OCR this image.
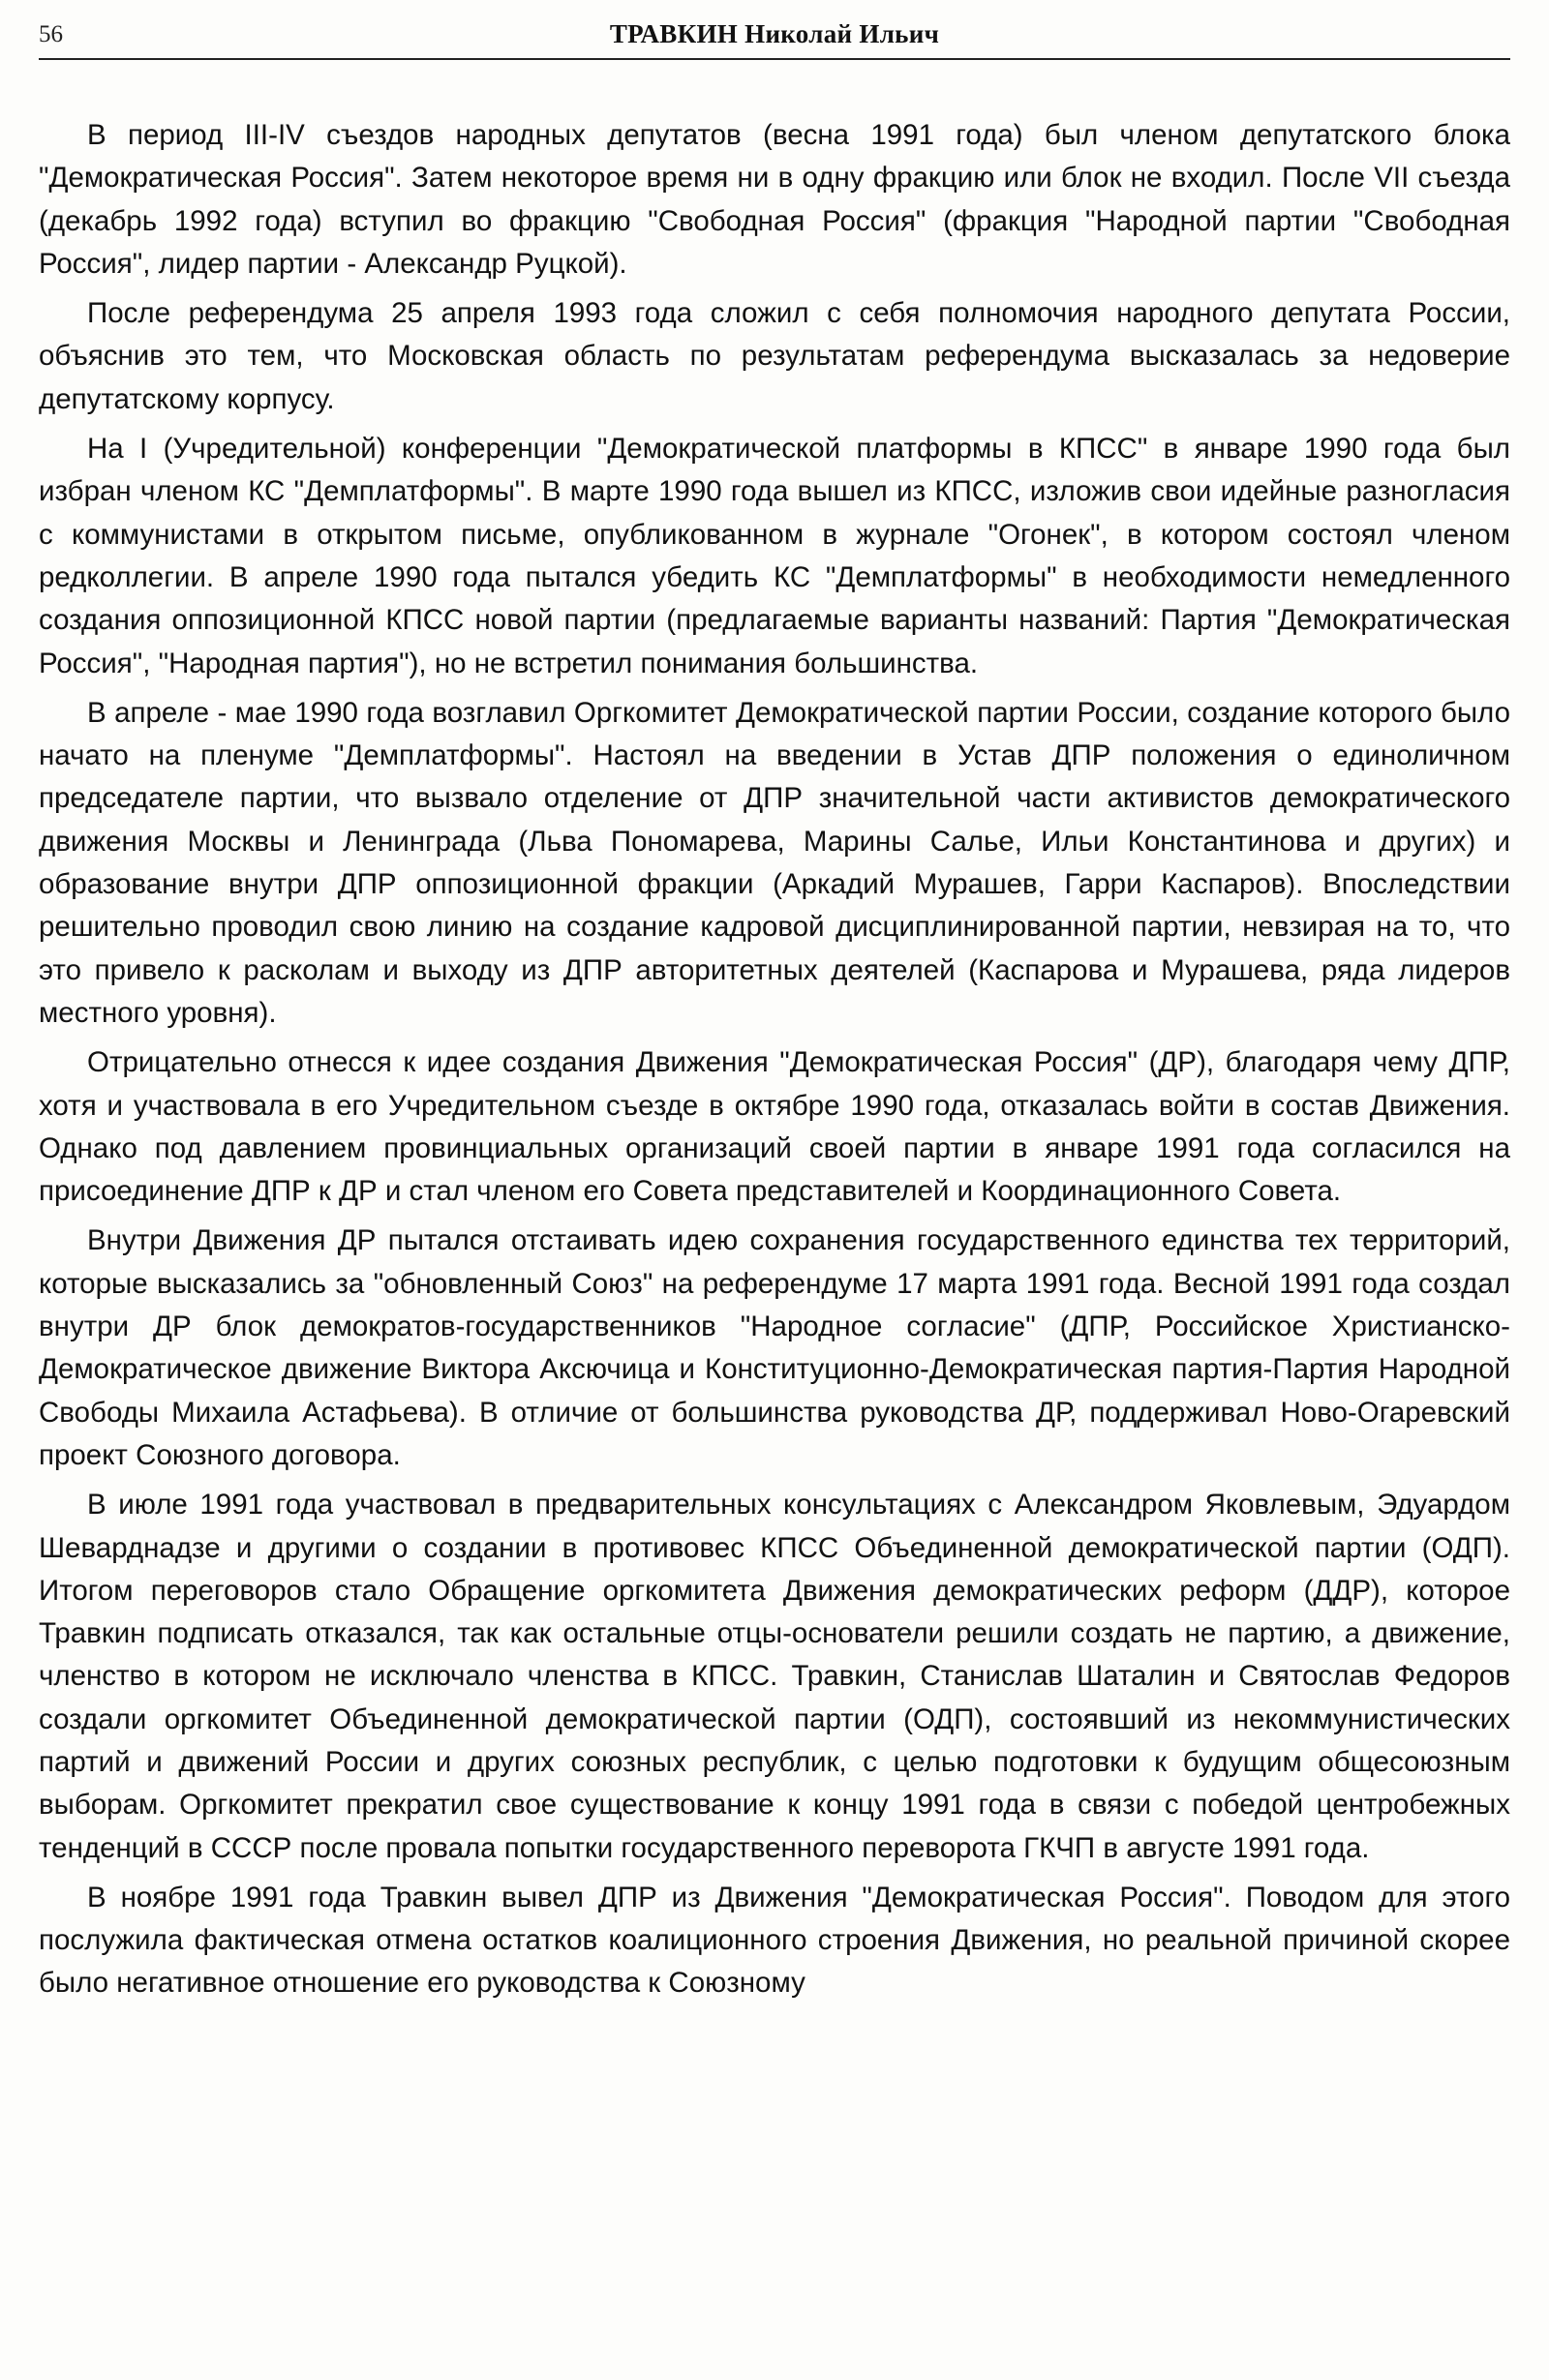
56	ТРАВКИН Николай Ильич

В период III-IV съездов народных депутатов (весна 1991 года) был членом депутатского блока "Демократическая Россия". Затем некоторое время ни в одну фракцию или блок не входил. После VII съезда (декабрь 1992 года) вступил во фракцию "Свободная Россия" (фракция "Народной партии "Свободная Россия", лидер партии - Александр Руцкой).

После референдума 25 апреля 1993 года сложил с себя полномочия народного депутата России, объяснив это тем, что Московская область по результатам референдума высказалась за недоверие депутатскому корпусу.

На I (Учредительной) конференции "Демократической платформы в КПСС" в январе 1990 года был избран членом КС "Демплатформы". В марте 1990 года вышел из КПСС, изложив свои идейные разногласия с коммунистами в открытом письме, опубликованном в журнале "Огонек", в котором состоял членом редколлегии. В апреле 1990 года пытался убедить КС "Демплатформы" в необходимости немедленного создания оппозиционной КПСС новой партии (предлагаемые варианты названий: Партия "Демократическая Россия", "Народная партия"), но не встретил понимания большинства.

В апреле - мае 1990 года возглавил Оргкомитет Демократической партии России, создание которого было начато на пленуме "Демплатформы". Настоял на введении в Устав ДПР положения о единоличном председателе партии, что вызвало отделение от ДПР значительной части активистов демократического движения Москвы и Ленинграда (Льва Пономарева, Марины Салье, Ильи Константинова и других) и образование внутри ДПР оппозиционной фракции (Аркадий Мурашев, Гарри Каспаров). Впоследствии решительно проводил свою линию на создание кадровой дисциплинированной партии, невзирая на то, что это привело к расколам и выходу из ДПР авторитетных деятелей (Каспарова и Мурашева, ряда лидеров местного уровня).

Отрицательно отнесся к идее создания Движения "Демократическая Россия" (ДР), благодаря чему ДПР, хотя и участвовала в его Учредительном съезде в октябре 1990 года, отказалась войти в состав Движения. Однако под давлением провинциальных организаций своей партии в январе 1991 года согласился на присоединение ДПР к ДР и стал членом его Совета представителей и Координационного Совета.

Внутри Движения ДР пытался отстаивать идею сохранения государственного единства тех территорий, которые высказались за "обновленный Союз" на референдуме 17 марта 1991 года. Весной 1991 года создал внутри ДР блок демократов-государственников "Народное согласие" (ДПР, Российское Христианско-Демократическое движение Виктора Аксючица и Конституционно-Демократическая партия-Партия Народной Свободы Михаила Астафьева). В отличие от большинства руководства ДР, поддерживал Ново-Огаревский проект Союзного договора.

В июле 1991 года участвовал в предварительных консультациях с Александром Яковлевым, Эдуардом Шеварднадзе и другими о создании в противовес КПСС Объединенной демократической партии (ОДП). Итогом переговоров стало Обращение оргкомитета Движения демократических реформ (ДДР), которое Травкин подписать отказался, так как остальные отцы-основатели решили создать не партию, а движение, членство в котором не исключало членства в КПСС. Травкин, Станислав Шаталин и Святослав Федоров создали оргкомитет Объединенной демократической партии (ОДП), состоявший из некоммунистических партий и движений России и других союзных республик, с целью подготовки к будущим общесоюзным выборам. Оргкомитет прекратил свое существование к концу 1991 года в связи с победой центробежных тенденций в СССР после провала попытки государственного переворота ГКЧП в августе 1991 года.

В ноябре 1991 года Травкин вывел ДПР из Движения "Демократическая Россия". Поводом для этого послужила фактическая отмена остатков коалиционного строения Движения, но реальной причиной скорее было негативное отношение его руководства к Союзному
